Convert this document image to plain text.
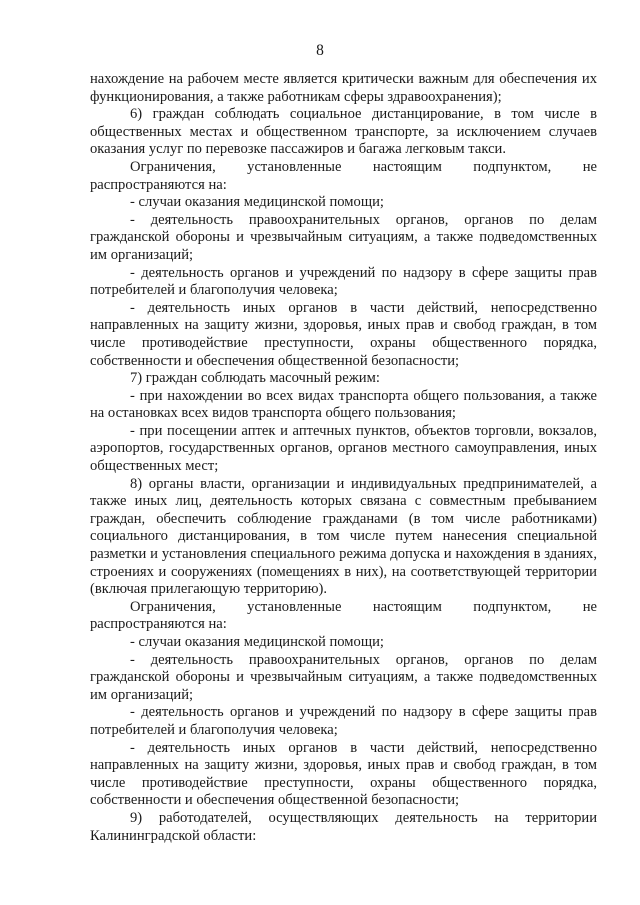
8

нахождение на рабочем месте является критически важным для обеспечения их функционирования, а также работникам сферы здравоохранения);

6) граждан соблюдать социальное дистанцирование, в том числе в общественных местах и общественном транспорте, за исключением случаев оказания услуг по перевозке пассажиров и багажа легковым такси.

Ограничения, установленные настоящим подпунктом, не распространяются на:

- случаи оказания медицинской помощи;

- деятельность правоохранительных органов, органов по делам гражданской обороны и чрезвычайным ситуациям, а также подведомственных им организаций;

- деятельность органов и учреждений по надзору в сфере защиты прав потребителей и благополучия человека;

- деятельность иных органов в части действий, непосредственно направленных на защиту жизни, здоровья, иных прав и свобод граждан, в том числе противодействие преступности, охраны общественного порядка, собственности и обеспечения общественной безопасности;

7) граждан соблюдать масочный режим:

- при нахождении во всех видах транспорта общего пользования, а также на остановках всех видов транспорта общего пользования;

- при посещении аптек и аптечных пунктов, объектов торговли, вокзалов, аэропортов, государственных органов, органов местного самоуправления, иных общественных мест;

8) органы власти, организации и индивидуальных предпринимателей, а также иных лиц, деятельность которых связана с совместным пребыванием граждан, обеспечить соблюдение гражданами (в том числе работниками) социального дистанцирования, в том числе путем нанесения специальной разметки и установления специального режима допуска и нахождения в зданиях, строениях и сооружениях (помещениях в них), на соответствующей территории (включая прилегающую территорию).

Ограничения, установленные настоящим подпунктом, не распространяются на:

- случаи оказания медицинской помощи;

- деятельность правоохранительных органов, органов по делам гражданской обороны и чрезвычайным ситуациям, а также подведомственных им организаций;

- деятельность органов и учреждений по надзору в сфере защиты прав потребителей и благополучия человека;

- деятельность иных органов в части действий, непосредственно направленных на защиту жизни, здоровья, иных прав и свобод граждан, в том числе противодействие преступности, охраны общественного порядка, собственности и обеспечения общественной безопасности;

9) работодателей, осуществляющих деятельность на территории Калининградской области:
